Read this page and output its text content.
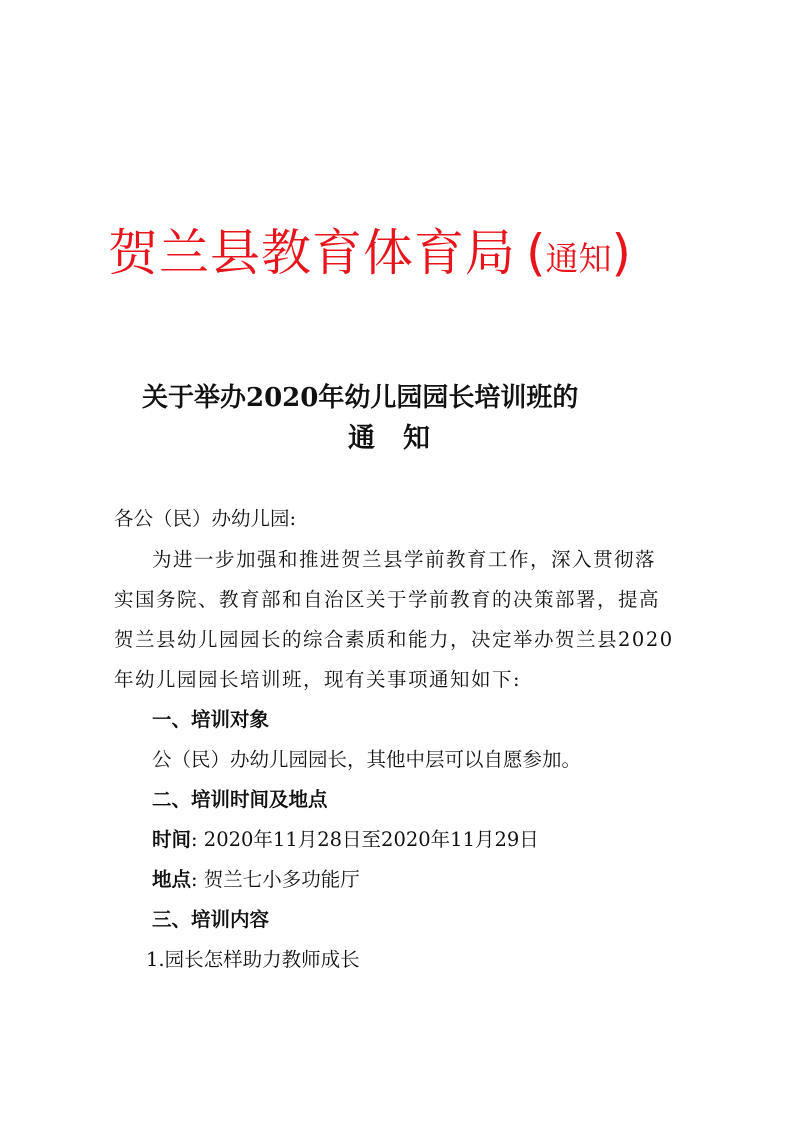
贺兰县教育体育局 (通知)
关于举办2020年幼儿园园长培训班的
通知
各公（民）办幼儿园:
为进一步加强和推进贺兰县学前教育工作，深入贯彻落
实国务院、教育部和自治区关于学前教育的决策部署，提高
贺兰县幼儿园园长的综合素质和能力，决定举办贺兰县2020
年幼儿园园长培训班，现有关事项通知如下:
一、培训对象
公（民）办幼儿园园长，其他中层可以自愿参加。
二、培训时间及地点
时间: 2020年11月28日至2020年11月29日
地点: 贺兰七小多功能厅
三、培训内容
1.园长怎样助力教师成长
